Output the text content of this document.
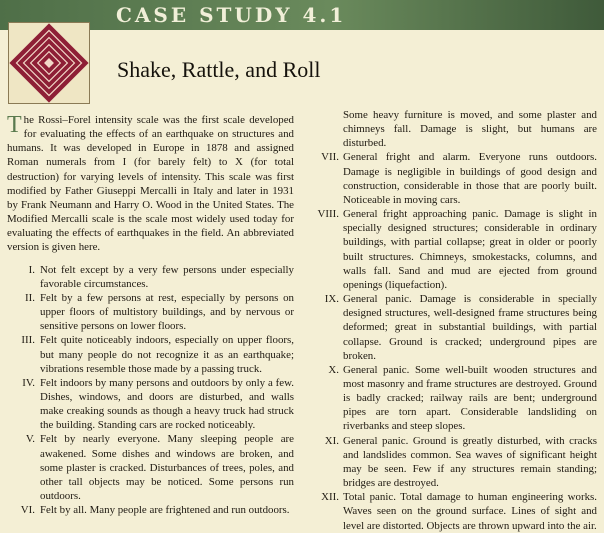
CASE STUDY 4.1
Shake, Rattle, and Roll

The Rossi–Forel intensity scale was the first scale developed for evaluating the effects of an earthquake on structures and humans. It was developed in Europe in 1878 and assigned Roman numerals from I (for barely felt) to X (for total destruction) for varying levels of intensity. This scale was first modified by Father Giuseppi Mercalli in Italy and later in 1931 by Frank Neumann and Harry O. Wood in the United States. The Modified Mercalli scale is the scale most widely used today for evaluating the effects of earthquakes in the field. An abbreviated version is given here.

I. Not felt except by a very few persons under especially favorable circumstances.

II. Felt by a few persons at rest, especially by persons on upper floors of multistory buildings, and by nervous or sensitive persons on lower floors.

III. Felt quite noticeably indoors, especially on upper floors, but many people do not recognize it as an earthquake; vibrations resemble those made by a passing truck.

IV. Felt indoors by many persons and outdoors by only a few. Dishes, windows, and doors are disturbed, and walls make creaking sounds as though a heavy truck had struck the building. Standing cars are rocked noticeably.

V. Felt by nearly everyone. Many sleeping people are awakened. Some dishes and windows are broken, and some plaster is cracked. Disturbances of trees, poles, and other tall objects may be noticed. Some persons run outdoors.

VI. Felt by all. Many people are frightened and run outdoors.

Some heavy furniture is moved, and some plaster and chimneys fall. Damage is slight, but humans are disturbed.

VII. General fright and alarm. Everyone runs outdoors. Damage is negligible in buildings of good design and construction, considerable in those that are poorly built. Noticeable in moving cars.

VIII. General fright approaching panic. Damage is slight in specially designed structures; considerable in ordinary buildings, with partial collapse; great in older or poorly built structures. Chimneys, smokestacks, columns, and walls fall. Sand and mud are ejected from ground openings (liquefaction).

IX. General panic. Damage is considerable in specially designed structures, well-designed frame structures being deformed; great in substantial buildings, with partial collapse. Ground is cracked; underground pipes are broken.

X. General panic. Some well-built wooden structures and most masonry and frame structures are destroyed. Ground is badly cracked; railway rails are bent; underground pipes are torn apart. Considerable landsliding on riverbanks and steep slopes.

XI. General panic. Ground is greatly disturbed, with cracks and landslides common. Sea waves of significant height may be seen. Few if any structures remain standing; bridges are destroyed.

XII. Total panic. Total damage to human engineering works. Waves seen on the ground surface. Lines of sight and level are distorted. Objects are thrown upward into the air.
